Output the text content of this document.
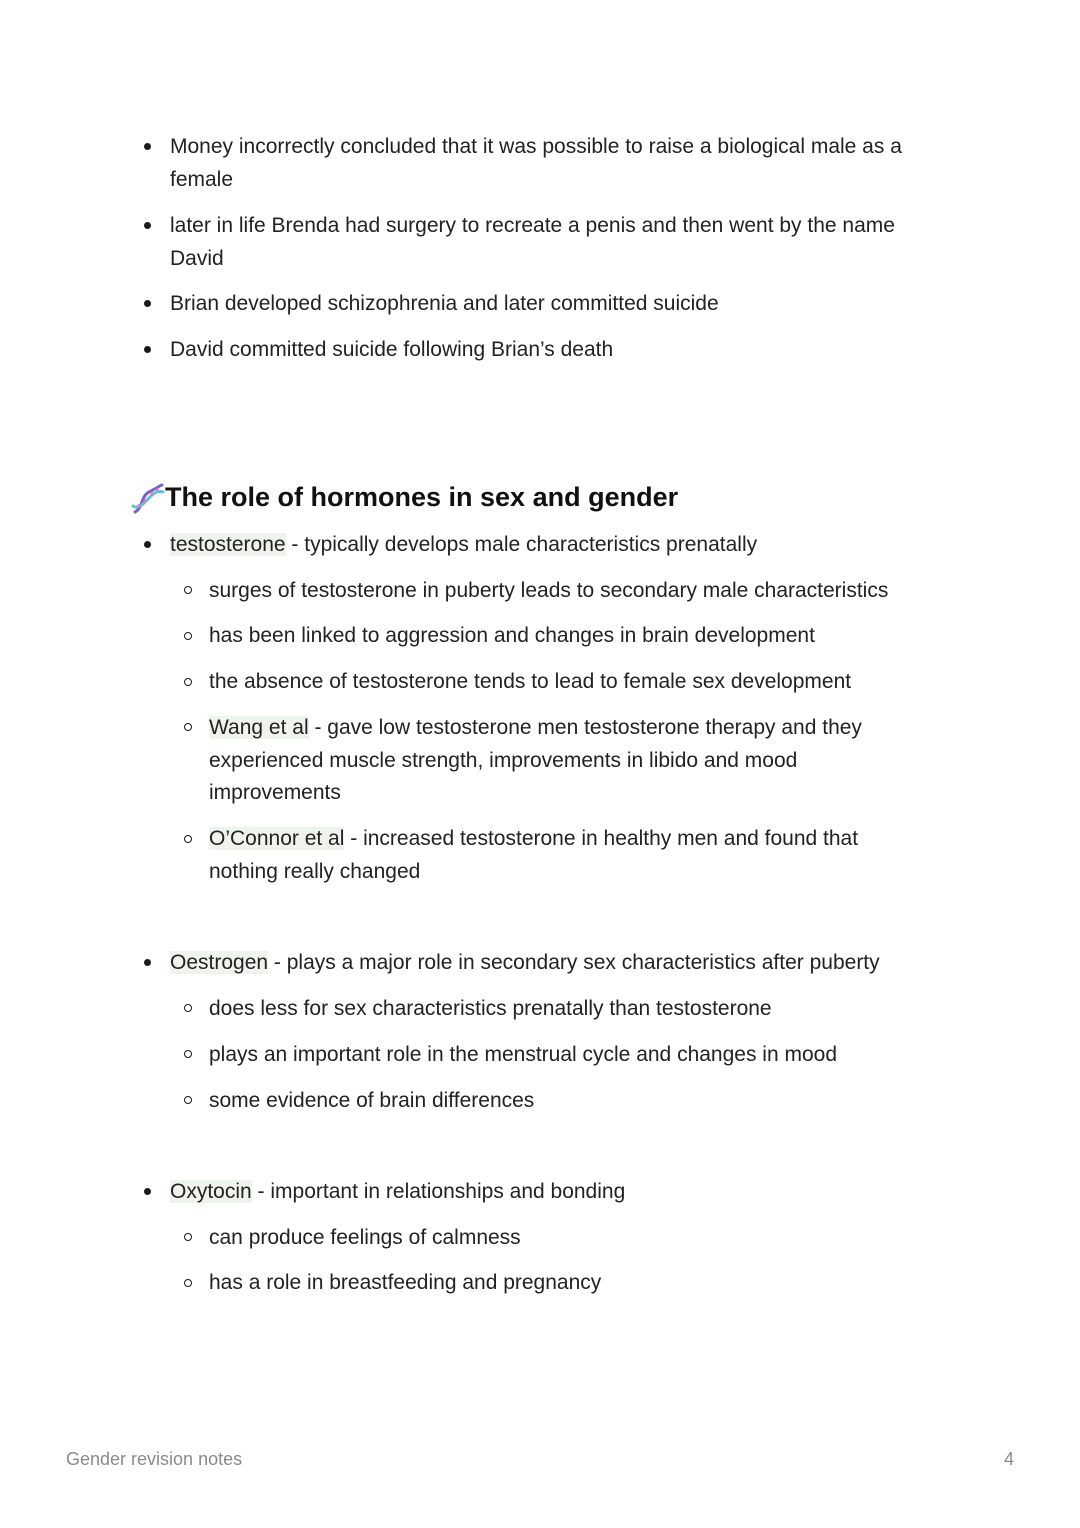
Money incorrectly concluded that it was possible to raise a biological male as a
female
later in life Brenda had surgery to recreate a penis and then went by the name
David
Brian developed schizophrenia and later committed suicide
David committed suicide following Brian’s death
The role of hormones in sex and gender
testosterone - typically develops male characteristics prenatally
surges of testosterone in puberty leads to secondary male characteristics
has been linked to aggression and changes in brain development
the absence of testosterone tends to lead to female sex development
Wang et al - gave low testosterone men testosterone therapy and they
experienced muscle strength, improvements in libido and mood
improvements
O’Connor et al - increased testosterone in healthy men and found that
nothing really changed
Oestrogen - plays a major role in secondary sex characteristics after puberty
does less for sex characteristics prenatally than testosterone
plays an important role in the menstrual cycle and changes in mood
some evidence of brain differences
Oxytocin - important in relationships and bonding
can produce feelings of calmness
has a role in breastfeeding and pregnancy
Gender revision notes	4
